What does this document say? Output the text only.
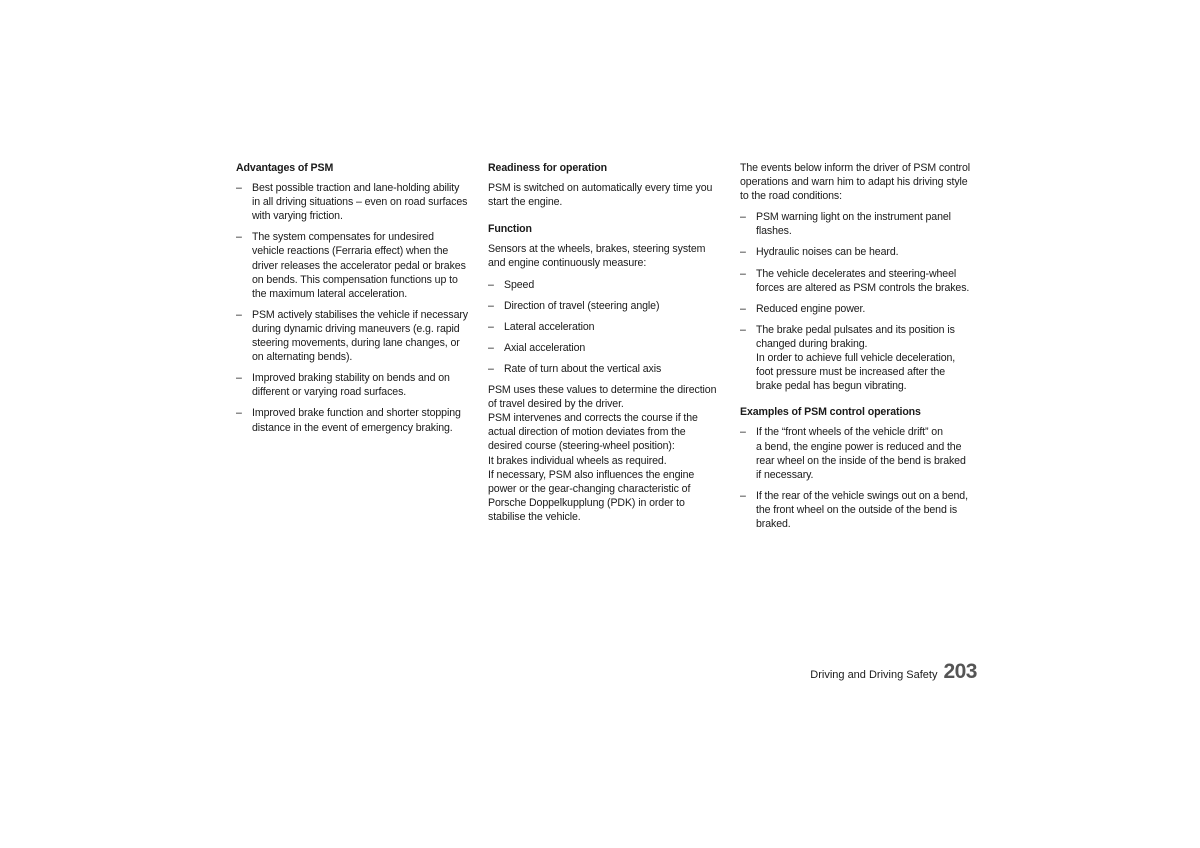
Advantages of PSM
– Best possible traction and lane-holding ability
in all driving situations – even on road surfaces
with varying friction.
– The system compensates for undesired
vehicle reactions (Ferraria effect) when the
driver releases the accelerator pedal or brakes
on bends. This compensation functions up to
the maximum lateral acceleration.
– PSM actively stabilises the vehicle if necessary
during dynamic driving maneuvers (e.g. rapid
steering movements, during lane changes, or
on alternating bends).
– Improved braking stability on bends and on
different or varying road surfaces.
– Improved brake function and shorter stopping
distance in the event of emergency braking.
Readiness for operation

PSM is switched on automatically every time you
start the engine.

Function

Sensors at the wheels, brakes, steering system
and engine continuously measure:

– Speed
– Direction of travel (steering angle)
– Lateral acceleration
– Axial acceleration
– Rate of turn about the vertical axis

PSM uses these values to determine the direction
of travel desired by the driver.
PSM intervenes and corrects the course if the
actual direction of motion deviates from the
desired course (steering-wheel position):
It brakes individual wheels as required.
If necessary, PSM also influences the engine
power or the gear-changing characteristic of
Porsche Doppelkupplung (PDK) in order to
stabilise the vehicle.

The events below inform the driver of PSM control
operations and warn him to adapt his driving style
to the road conditions:

– PSM warning light on the instrument panel
flashes.
– Hydraulic noises can be heard.
– The vehicle decelerates and steering-wheel
forces are altered as PSM controls the brakes.
– Reduced engine power.
– The brake pedal pulsates and its position is
changed during braking.
In order to achieve full vehicle deceleration,
foot pressure must be increased after the
brake pedal has begun vibrating.
Examples of PSM control operations
– If the “front wheels of the vehicle drift” on
a bend, the engine power is reduced and the
rear wheel on the inside of the bend is braked
if necessary.
– If the rear of the vehicle swings out on a bend,
the front wheel on the outside of the bend is
braked.
Driving and Driving Safety 203
